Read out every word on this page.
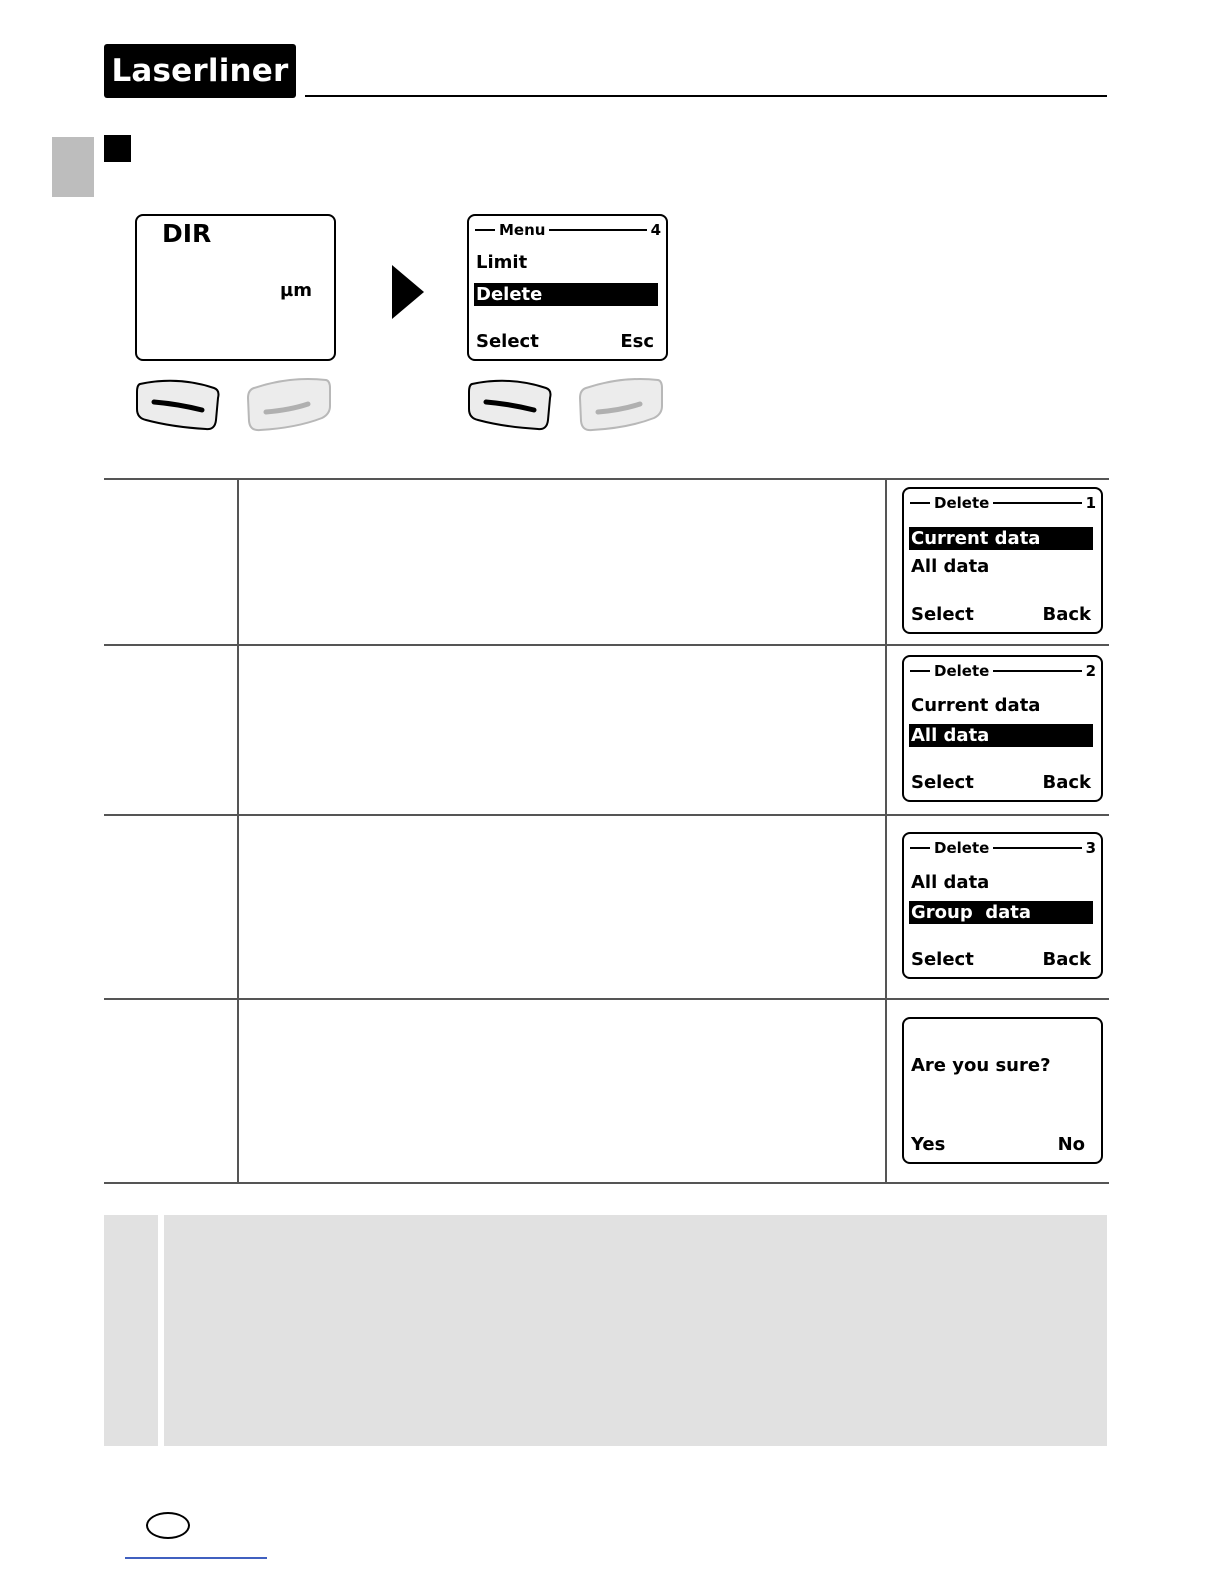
Laserliner
DIR
µm
Menu	4
Limit
Delete
Select	Esc
Delete	1
Current data
All data
Select	Back
Delete	2
Current data
All data
Select	Back
Delete	3
All data
Group  data
Select	Back
Are you sure?
Yes	No
